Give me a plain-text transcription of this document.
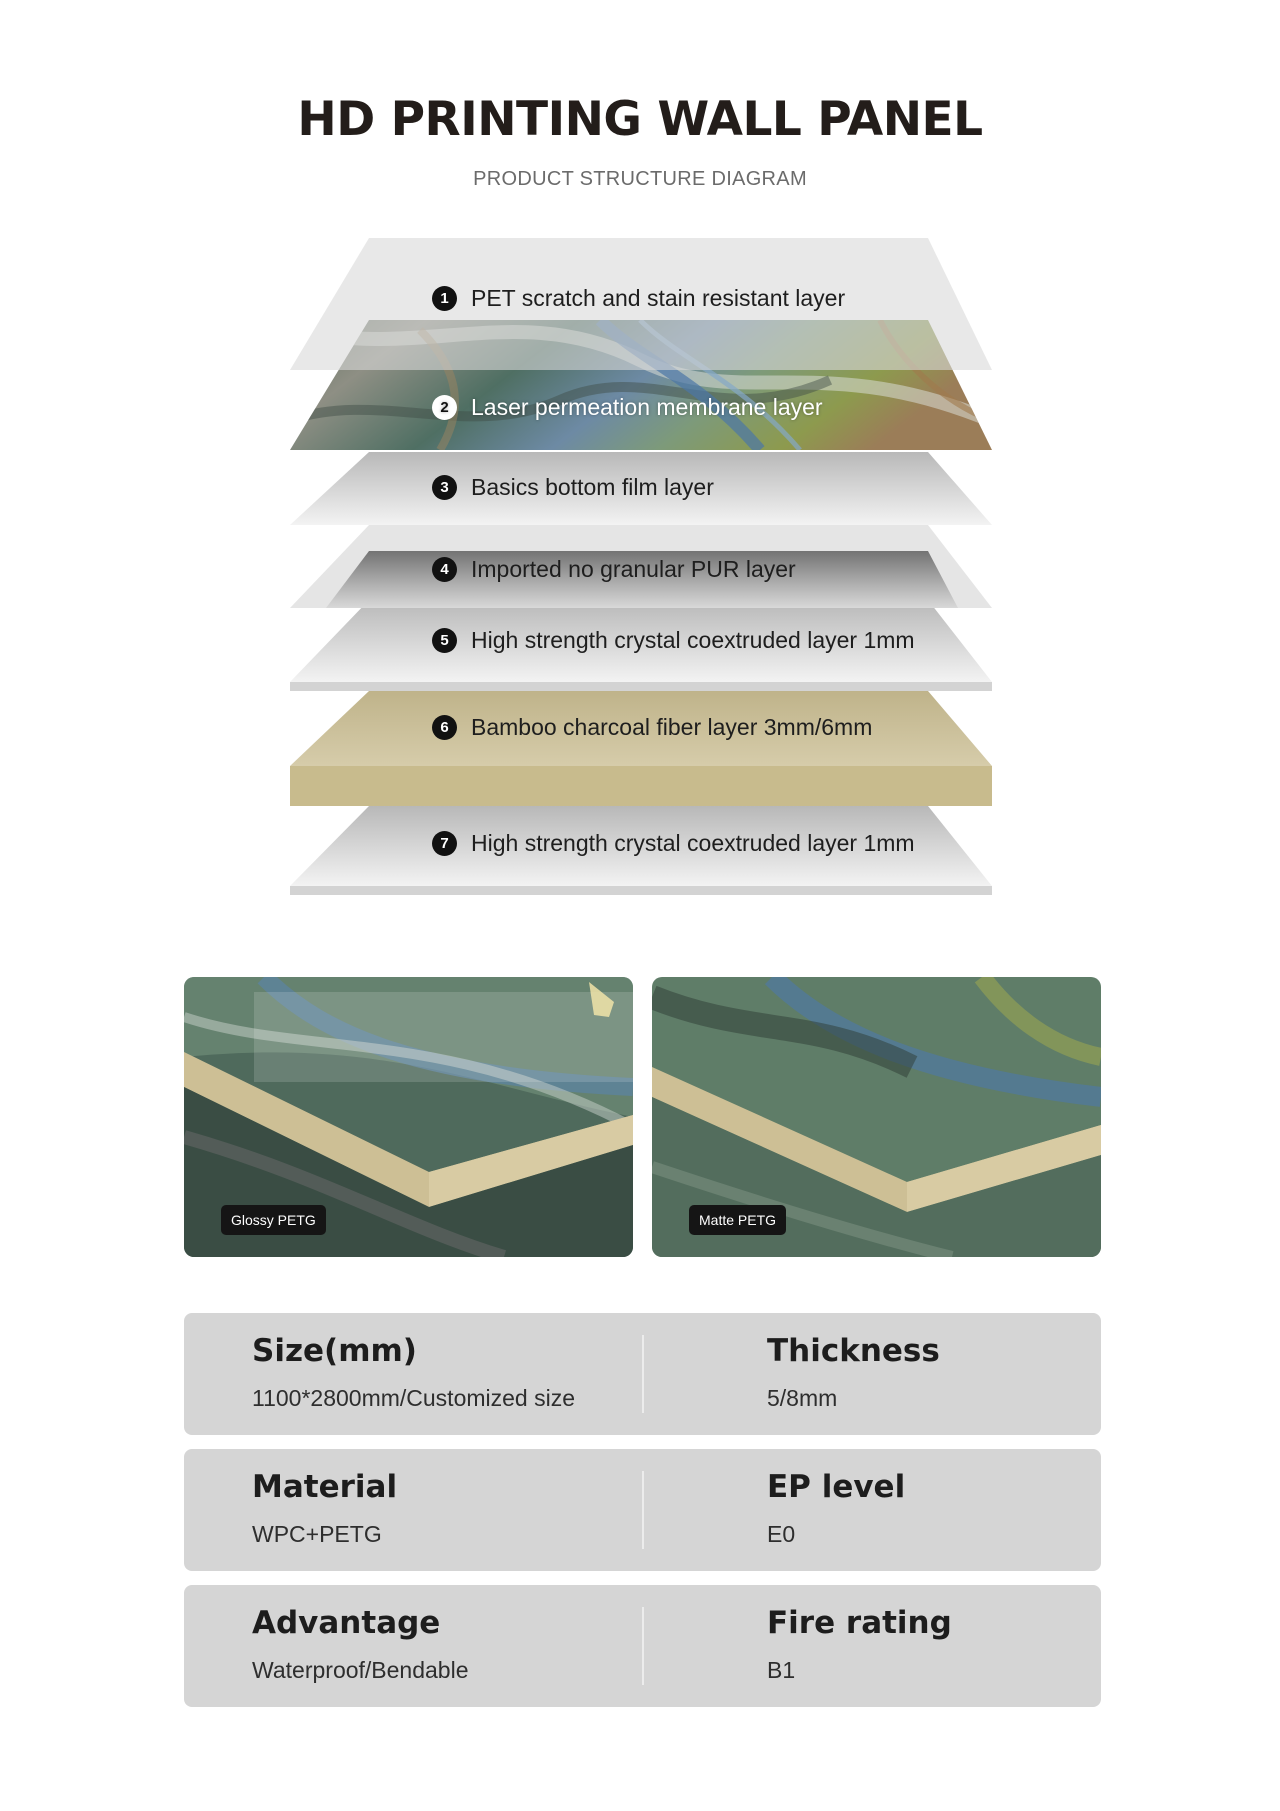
HD PRINTING WALL PANEL
PRODUCT STRUCTURE DIAGRAM
1 PET scratch and stain resistant layer
2 Laser permeation membrane layer
3 Basics bottom film layer
4 Imported no granular PUR layer
5 High strength crystal coextruded layer 1mm
6 Bamboo charcoal fiber layer 3mm/6mm
7 High strength crystal coextruded layer 1mm
Glossy PETG	Matte PETG
Size(mm)
1100*2800mm/Customized size
Thickness
5/8mm
Material
WPC+PETG
EP level
E0
Advantage
Waterproof/Bendable
Fire rating
B1
